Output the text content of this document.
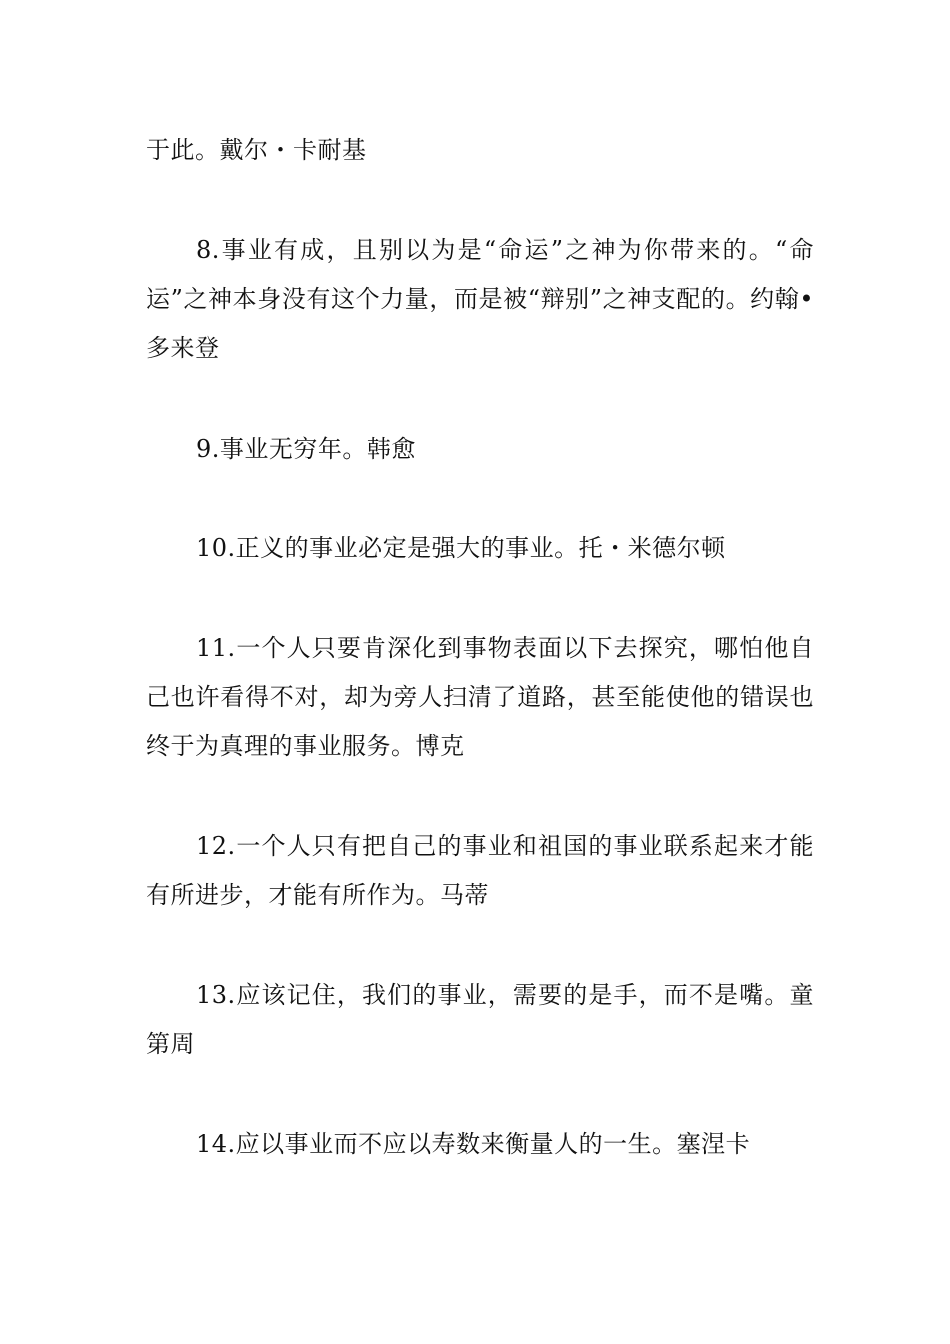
于此。戴尔・卡耐基

8.事业有成，且别以为是“命运”之神为你带来的。“命运”之神本身没有这个力量，而是被“辩别”之神支配的。约翰•多来登

9.事业无穷年。韩愈

10.正义的事业必定是强大的事业。托・米德尔顿

11.一个人只要肯深化到事物表面以下去探究，哪怕他自己也许看得不对，却为旁人扫清了道路，甚至能使他的错误也终于为真理的事业服务。博克

12.一个人只有把自己的事业和祖国的事业联系起来才能有所进步，才能有所作为。马蒂

13.应该记住，我们的事业，需要的是手，而不是嘴。童第周

14.应以事业而不应以寿数来衡量人的一生。塞涅卡
